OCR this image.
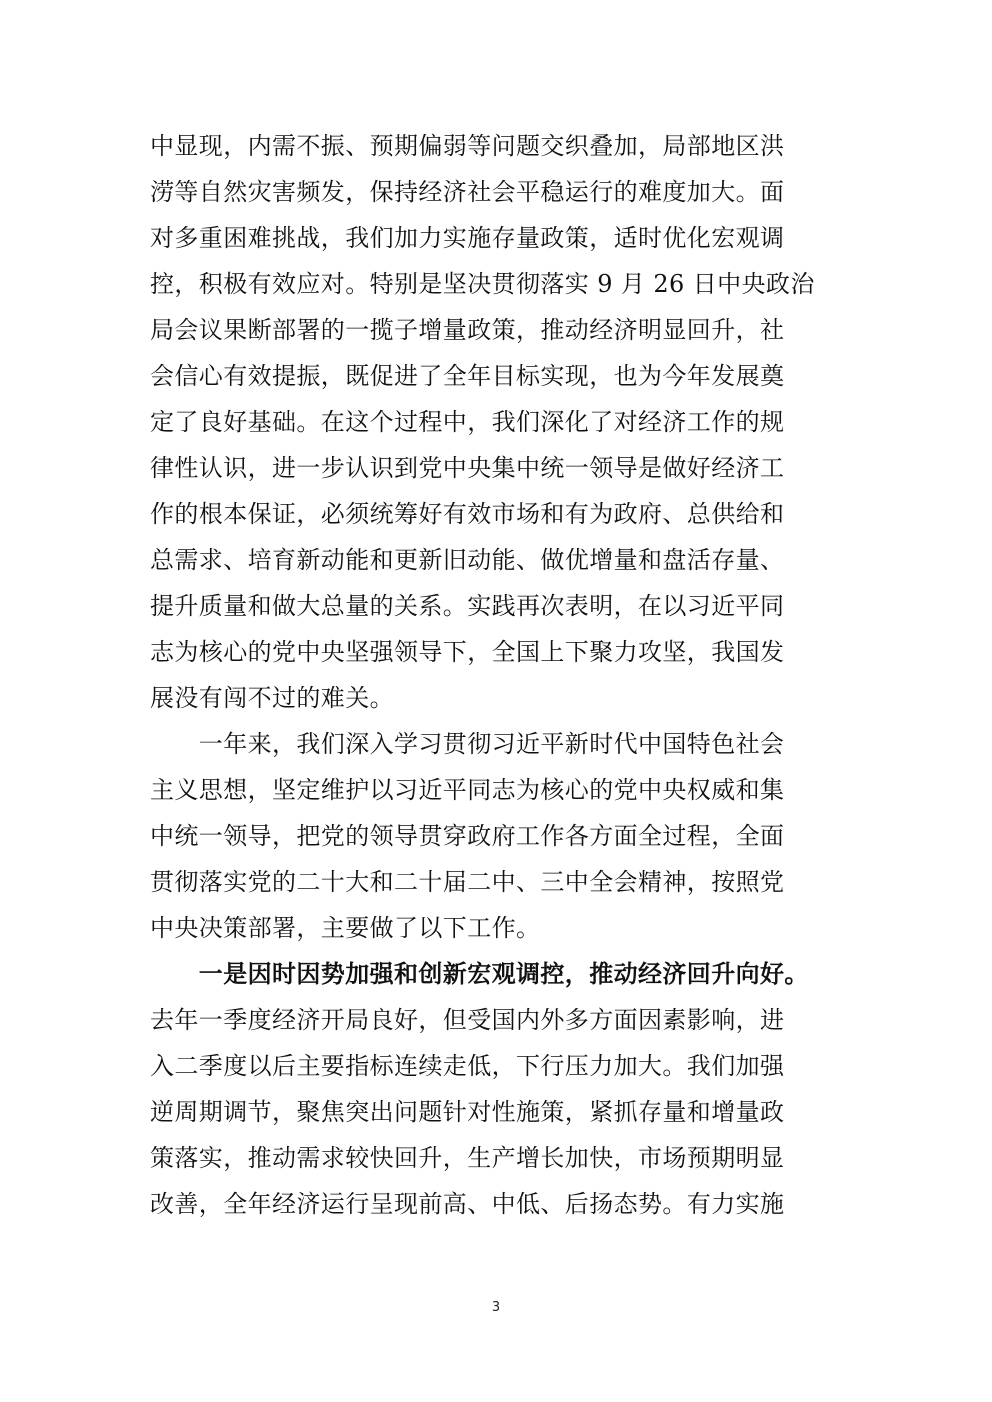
中显现，内需不振、预期偏弱等问题交织叠加，局部地区洪
涝等自然灾害频发，保持经济社会平稳运行的难度加大。面
对多重困难挑战，我们加力实施存量政策，适时优化宏观调
控，积极有效应对。特别是坚决贯彻落实 9 月 26 日中央政治
局会议果断部署的一揽子增量政策，推动经济明显回升，社
会信心有效提振，既促进了全年目标实现，也为今年发展奠
定了良好基础。在这个过程中，我们深化了对经济工作的规
律性认识，进一步认识到党中央集中统一领导是做好经济工
作的根本保证，必须统筹好有效市场和有为政府、总供给和
总需求、培育新动能和更新旧动能、做优增量和盘活存量、
提升质量和做大总量的关系。实践再次表明，在以习近平同
志为核心的党中央坚强领导下，全国上下聚力攻坚，我国发
展没有闯不过的难关。
　　一年来，我们深入学习贯彻习近平新时代中国特色社会
主义思想，坚定维护以习近平同志为核心的党中央权威和集
中统一领导，把党的领导贯穿政府工作各方面全过程，全面
贯彻落实党的二十大和二十届二中、三中全会精神，按照党
中央决策部署，主要做了以下工作。
　　一是因时因势加强和创新宏观调控，推动经济回升向好。
去年一季度经济开局良好，但受国内外多方面因素影响，进
入二季度以后主要指标连续走低，下行压力加大。我们加强
逆周期调节，聚焦突出问题针对性施策，紧抓存量和增量政
策落实，推动需求较快回升，生产增长加快，市场预期明显
改善，全年经济运行呈现前高、中低、后扬态势。有力实施
3
